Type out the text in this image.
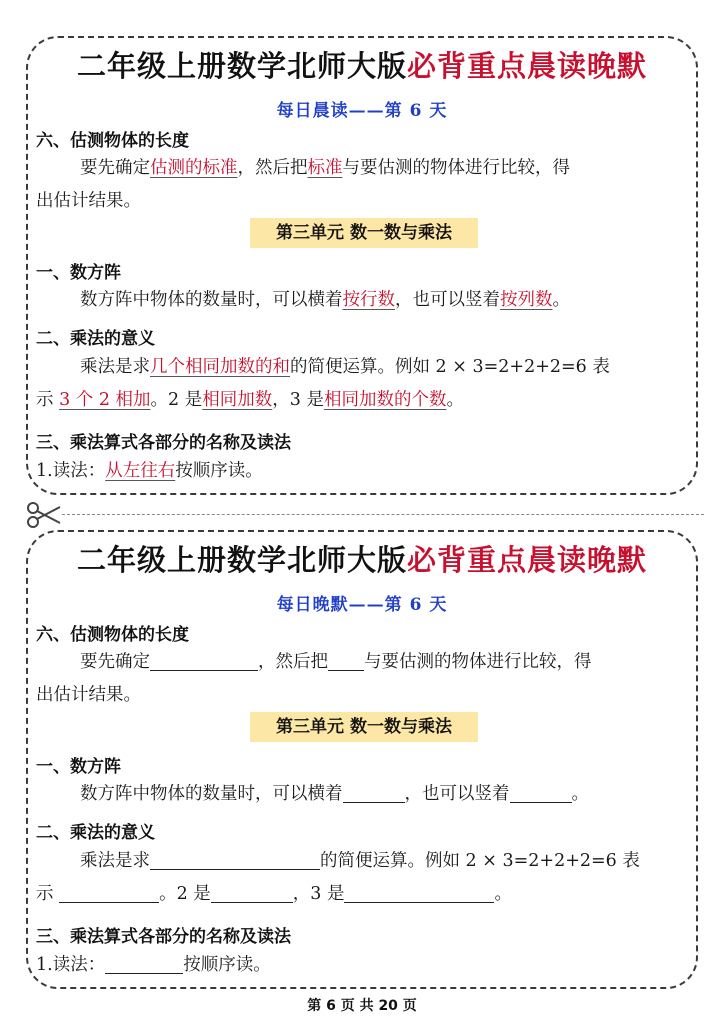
二年级上册数学北师大版必背重点晨读晚默
每日晨读——第 6 天
六、估测物体的长度
要先确定估测的标准，然后把标准与要估测的物体进行比较，得
出估计结果。
第三单元 数一数与乘法
一、数方阵
数方阵中物体的数量时，可以横着按行数，也可以竖着按列数。
二、乘法的意义
乘法是求几个相同加数的和的简便运算。例如 2 × 3=2+2+2=6 表
示 3 个 2 相加。2 是相同加数，3 是相同加数的个数。
三、乘法算式各部分的名称及读法
1.读法：从左往右按顺序读。
二年级上册数学北师大版必背重点晨读晚默
每日晚默——第 6 天
六、估测物体的长度
要先确定	，然后把 与要估测的物体进行比较，得
出估计结果。
第三单元 数一数与乘法
一、数方阵
数方阵中物体的数量时，可以横着	，也可以竖着	。
二、乘法的意义
乘法是求	的简便运算。例如 2 × 3=2+2+2=6 表
示	。2 是	，3 是	。
三、乘法算式各部分的名称及读法
1.读法：	按顺序读。
第 6 页 共 20 页
